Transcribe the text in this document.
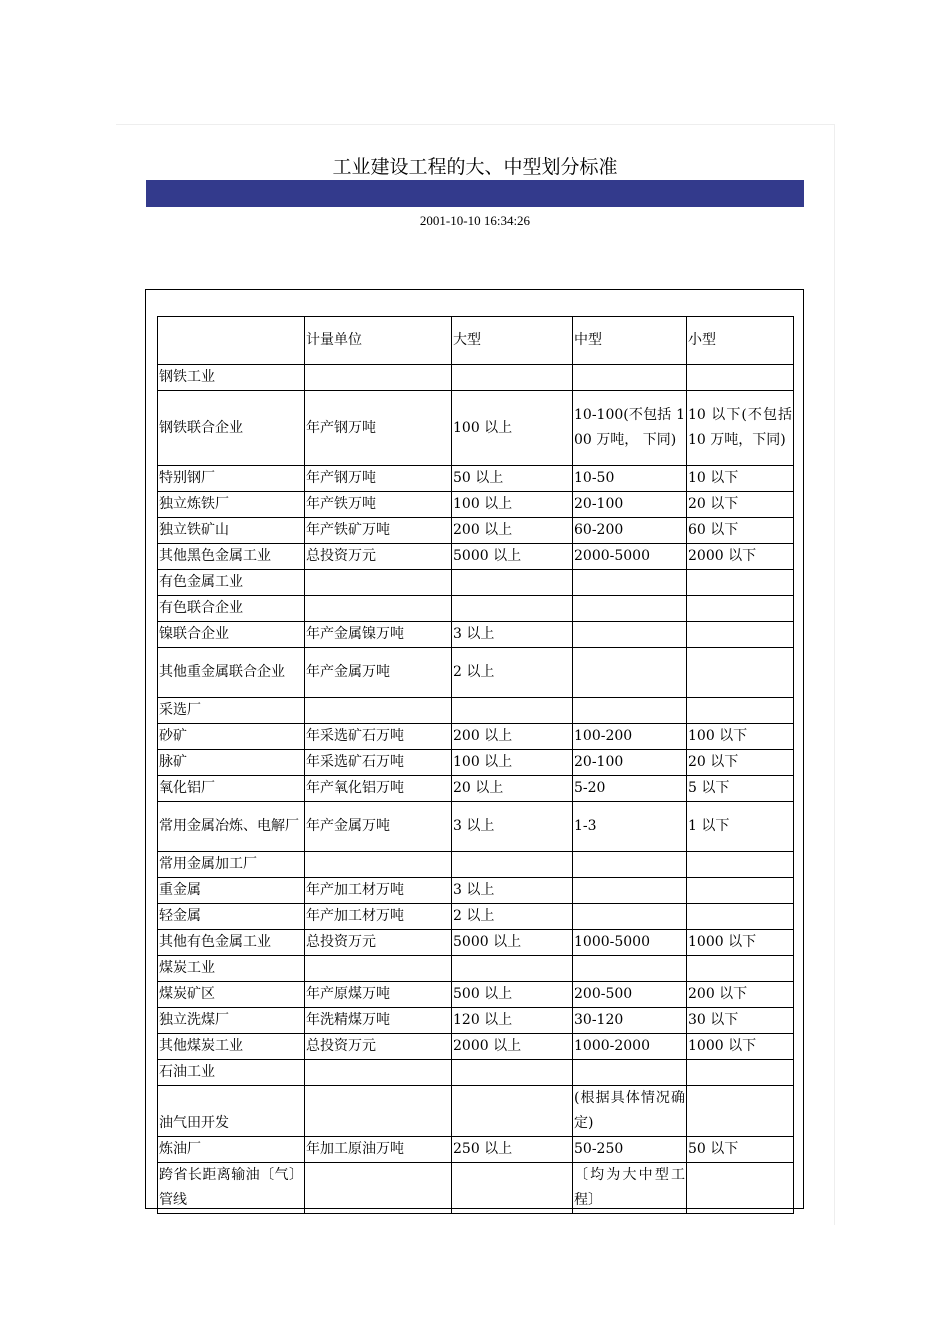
工业建设工程的大、中型划分标准
2001-10-10 16:34:26
	计量单位	大型	中型	小型
钢铁工业				
钢铁联合企业	年产钢万吨	100 以上	10-100(不包括 100 万吨， 下同)	10 以下(不包括 10 万吨，下同)
特别钢厂	年产钢万吨	50 以上	10-50	10 以下
独立炼铁厂	年产铁万吨	100 以上	20-100	20 以下
独立铁矿山	年产铁矿万吨	200 以上	60-200	60 以下
其他黑色金属工业	总投资万元	5000 以上	2000-5000	2000 以下
有色金属工业				
有色联合企业				
镍联合企业	年产金属镍万吨	3 以上		
其他重金属联合企业	年产金属万吨	2 以上		
采选厂				
砂矿	年采选矿石万吨	200 以上	100-200	100 以下
脉矿	年采选矿石万吨	100 以上	20-100	20 以下
氧化铝厂	年产氧化铝万吨	20 以上	5-20	5 以下
常用金属冶炼、电解厂	年产金属万吨	3 以上	1-3	1 以下
常用金属加工厂				
重金属	年产加工材万吨	3 以上		
轻金属	年产加工材万吨	2 以上		
其他有色金属工业	总投资万元	5000 以上	1000-5000	1000 以下
煤炭工业				
煤炭矿区	年产原煤万吨	500 以上	200-500	200 以下
独立洗煤厂	年洗精煤万吨	120 以上	30-120	30 以下
其他煤炭工业	总投资万元	2000 以上	1000-2000	1000 以下
石油工业				
油气田开发			(根据具体情况确定)	
炼油厂	年加工原油万吨	250 以上	50-250	50 以下
跨省长距离输油〔气〕管线			〔均为大中型工程〕	
